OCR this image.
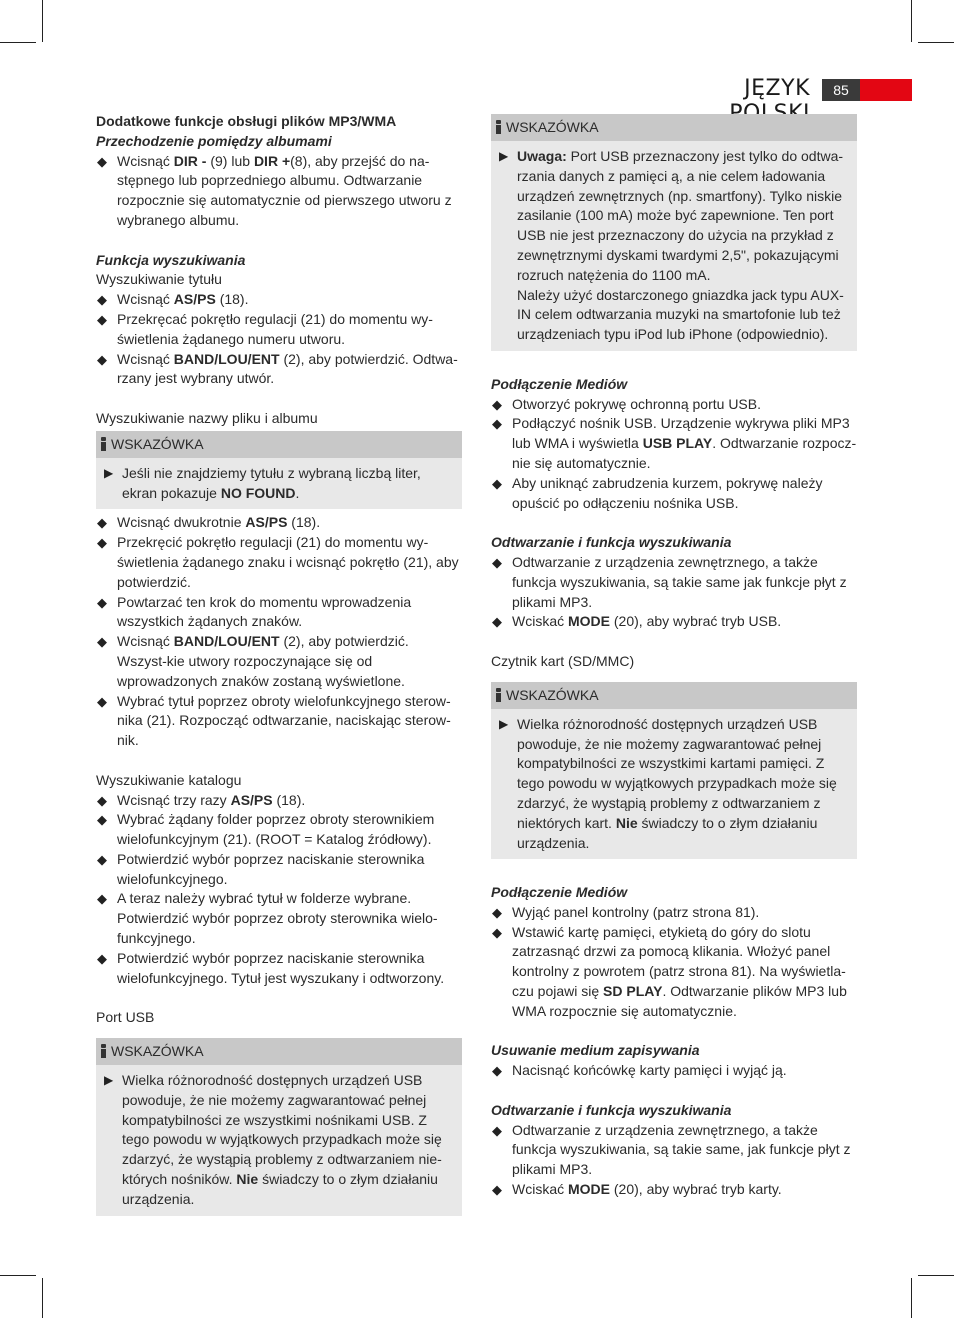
JĘZYK	85

Dodatkowe funkcje obsługi plików MP3/WMA

Przechodzenie pomiędzy albumami

◆ Wcisnąć DIR - (9) lub DIR +(8), aby przejść do na-stępnego lub poprzedniego albumu. Odtwarzanie rozpocznie się automatycznie od pierwszego utworu z wybranego albumu.

Funkcja wyszukiwania

Wyszukiwanie tytułu

◆ Wcisnąć AS/PS (18).
◆ Przekręcać pokrętło regulacji (21) do momentu wy-świetlenia żądanego numeru utworu.
◆ Wcisnąć BAND/LOU/ENT (2), aby potwierdzić. Odtwa-rzany jest wybrany utwór.

Wyszukiwanie nazwy pliku i albumu

WSKAZÓWKA
▶ Jeśli nie znajdziemy tytułu z wybraną liczbą liter, ekran pokazuje NO FOUND.
◆ Wcisnąć dwukrotnie AS/PS (18).
◆ Przekręcić pokrętło regulacji (21) do momentu wy-świetlenia żądanego znaku i wcisnąć pokrętło (21), aby potwierdzić.
◆ Powtarzać ten krok do momentu wprowadzenia wszystkich żądanych znaków.
◆ Wcisnąć BAND/LOU/ENT (2), aby potwierdzić. Wszyst-kie utwory rozpoczynające się od wprowadzonych znaków zostaną wyświetlone.
◆ Wybrać tytuł poprzez obroty wielofunkcyjnego sterow-nika (21). Rozpocząć odtwarzanie, naciskając sterow-nik.

Wyszukiwanie katalogu

◆ Wcisnąć trzy razy AS/PS (18).
◆ Wybrać żądany folder poprzez obroty sterownikiem wielofunkcyjnym (21). (ROOT = Katalog źródłowy).
◆ Potwierdzić wybór poprzez naciskanie sterownika wielofunkcyjnego.
◆ A teraz należy wybrać tytuł w folderze wybrane. Potwierdzić wybór poprzez obroty sterownika wielo-funkcyjnego.
◆ Potwierdzić wybór poprzez naciskanie sterownika wielofunkcyjnego. Tytuł jest wyszukany i odtworzony.

Port USB

WSKAZÓWKA
▶ Wielka różnorodność dostępnych urządzeń USB powoduje, że nie możemy zagwarantować pełnej kompatybilności ze wszystkimi nośnikami USB. Z tego powodu w wyjątkowych przypadkach może się zdarzyć, że wystąpią problemy z odtwarzaniem nie-których nośników. Nie świadczy to o złym działaniu urządzenia.
WSKAZÓWKA
▶ Uwaga: Port USB przeznaczony jest tylko do odtwa-rzania danych z pamięci ą, a nie celem ładowania urządzeń zewnętrznych (np. smartfony). Tylko niskie zasilanie (100 mA) może być zapewnione. Ten port USB nie jest przeznaczony do użycia na przykład z zewnętrznymi dyskami twardymi 2,5", pokazującymi rozruch natężenia do 1100 mA.
Należy użyć dostarczonego gniazdka jack typu AUX-IN celem odtwarzania muzyki na smartofonie lub też urządzeniach typu iPod lub iPhone (odpowiednio).

Podłączenie Mediów

◆ Otworzyć pokrywę ochronną portu USB.
◆ Podłączyć nośnik USB. Urządzenie wykrywa pliki MP3 lub WMA i wyświetla USB PLAY. Odtwarzanie rozpocz-nie się automatycznie.
◆ Aby uniknąć zabrudzenia kurzem, pokrywę należy opuścić po odłączeniu nośnika USB.

Odtwarzanie i funkcja wyszukiwania

◆ Odtwarzanie z urządzenia zewnętrznego, a także funkcja wyszukiwania, są takie same jak funkcje płyt z plikami MP3.
◆ Wciskać MODE (20), aby wybrać tryb USB.

Czytnik kart (SD/MMC)

WSKAZÓWKA
▶ Wielka różnorodność dostępnych urządzeń USB powoduje, że nie możemy zagwarantować pełnej kompatybilności ze wszystkimi kartami pamięci. Z tego powodu w wyjątkowych przypadkach może się zdarzyć, że wystąpią problemy z odtwarzaniem z niektórych kart. Nie świadczy to o złym działaniu urządzenia.

Podłączenie Mediów

◆ Wyjąć panel kontrolny (patrz strona 81).
◆ Wstawić kartę pamięci, etykietą do góry do slotu zatrzasnąć drzwi za pomocą klikania. Włożyć panel kontrolny z powrotem (patrz strona 81). Na wyświetla-czu pojawi się SD PLAY. Odtwarzanie plików MP3 lub WMA rozpocznie się automatycznie.

Usuwanie medium zapisywania

◆ Nacisnąć końcówkę karty pamięci i wyjąć ją.

Odtwarzanie i funkcja wyszukiwania

◆ Odtwarzanie z urządzenia zewnętrznego, a także funkcja wyszukiwania, są takie same, jak funkcje płyt z plikami MP3.
◆ Wciskać MODE (20), aby wybrać tryb karty.
